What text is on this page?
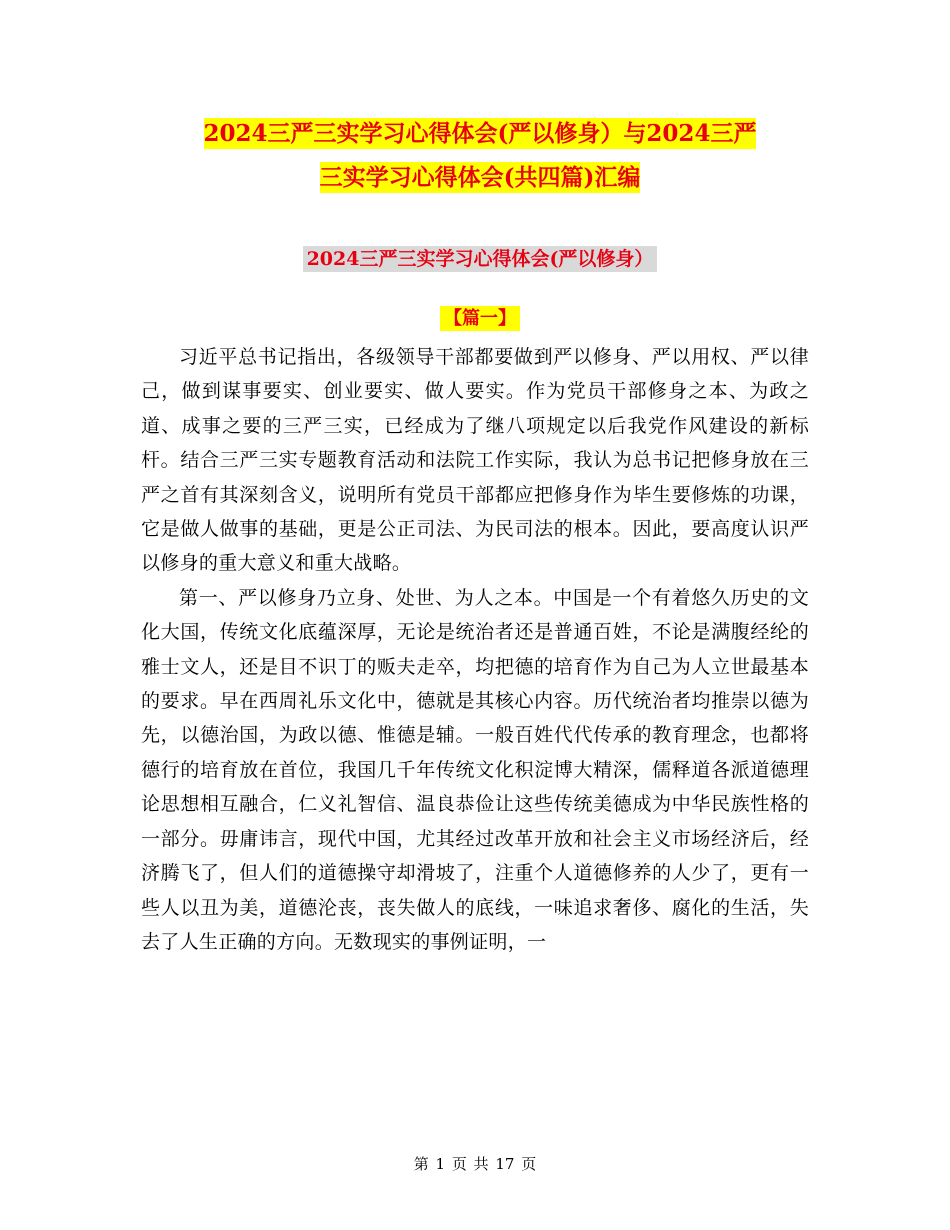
2024三严三实学习心得体会(严以修身）与2024三严
三实学习心得体会(共四篇)汇编
2024三严三实学习心得体会(严以修身）
【篇一】

习近平总书记指出，各级领导干部都要做到严以修身、严以用权、严以律己，做到谋事要实、创业要实、做人要实。作为党员干部修身之本、为政之道、成事之要的三严三实，已经成为了继八项规定以后我党作风建设的新标杆。结合三严三实专题教育活动和法院工作实际，我认为总书记把修身放在三严之首有其深刻含义，说明所有党员干部都应把修身作为毕生要修炼的功课，它是做人做事的基础，更是公正司法、为民司法的根本。因此，要高度认识严以修身的重大意义和重大战略。

第一、严以修身乃立身、处世、为人之本。中国是一个有着悠久历史的文化大国，传统文化底蕴深厚，无论是统治者还是普通百姓，不论是满腹经纶的雅士文人，还是目不识丁的贩夫走卒，均把德的培育作为自己为人立世最基本的要求。早在西周礼乐文化中，德就是其核心内容。历代统治者均推崇以德为先，以德治国，为政以德、惟德是辅。一般百姓代代传承的教育理念，也都将德行的培育放在首位，我国几千年传统文化积淀博大精深，儒释道各派道德理论思想相互融合，仁义礼智信、温良恭俭让这些传统美德成为中华民族性格的一部分。毋庸讳言，现代中国，尤其经过改革开放和社会主义市场经济后，经济腾飞了，但人们的道德操守却滑坡了，注重个人道德修养的人少了，更有一些人以丑为美，道德沦丧，丧失做人的底线，一味追求奢侈、腐化的生活，失去了人生正确的方向。无数现实的事例证明，一

第 1 页 共 17 页
